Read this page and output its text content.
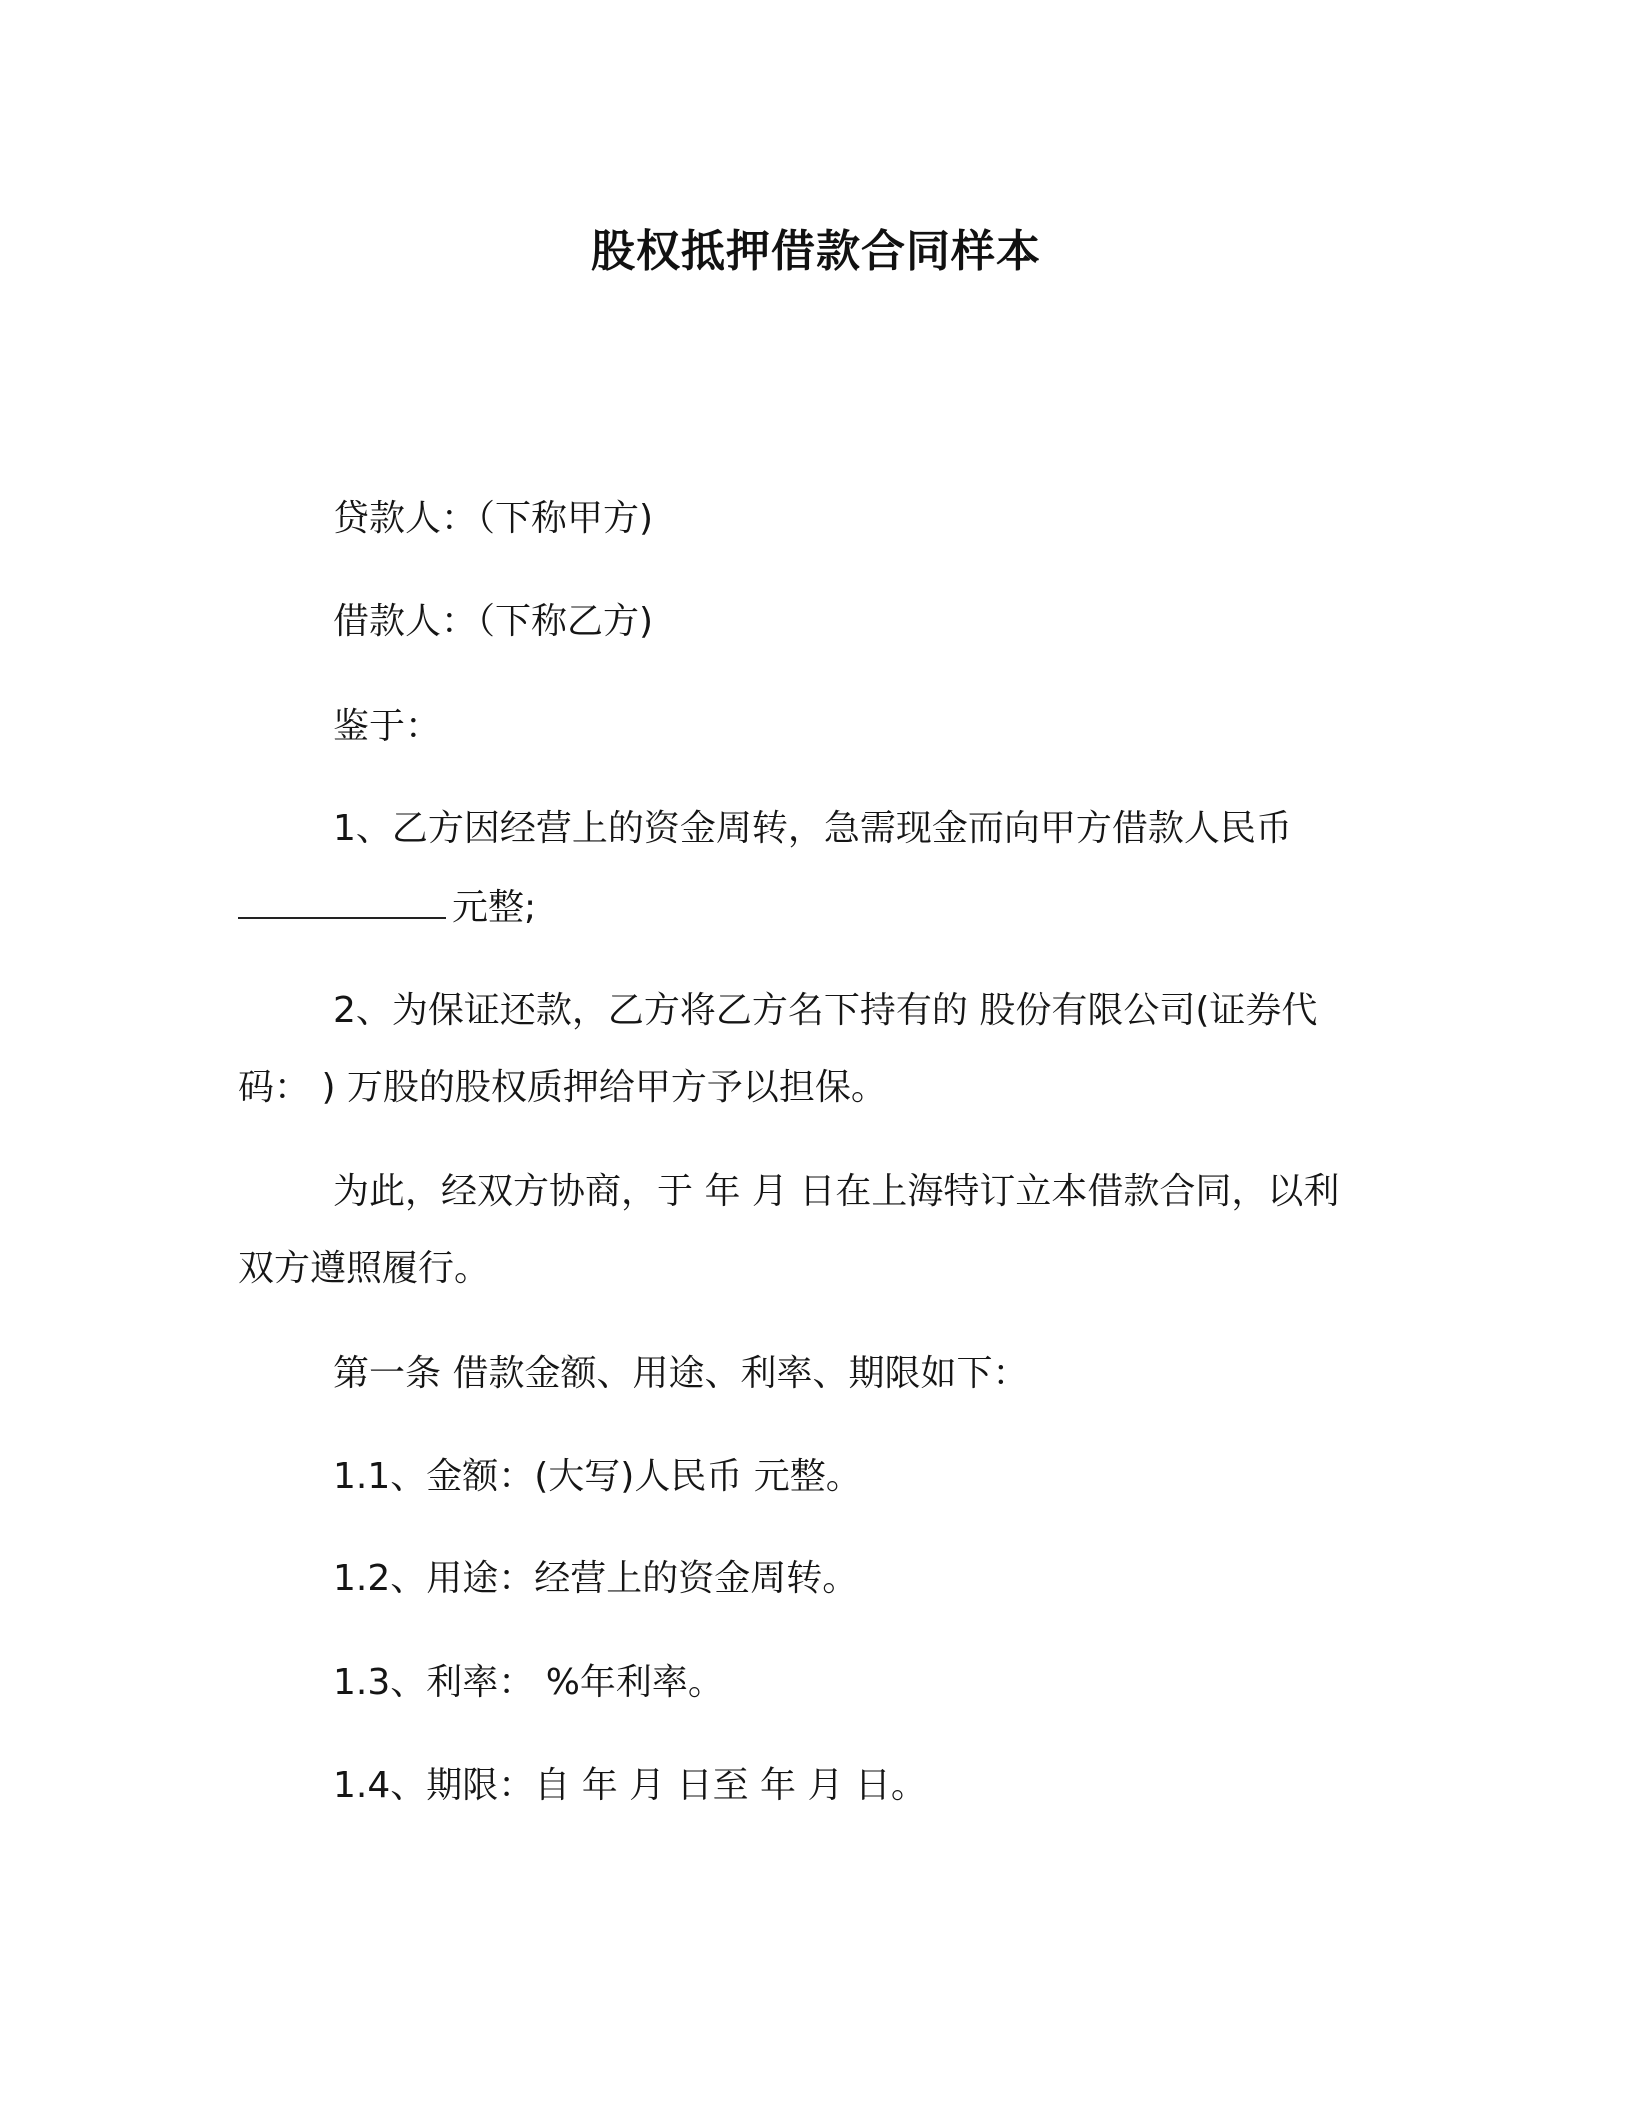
股权抵押借款合同样本
贷款人：（下称甲方)
借款人：（下称乙方)
鉴于：
1、乙方因经营上的资金周转，急需现金而向甲方借款人民币
元整;
2、为保证还款，乙方将乙方名下持有的 股份有限公司(证券代
码： ) 万股的股权质押给甲方予以担保。
为此，经双方协商，于 年 月 日在上海特订立本借款合同，以利
双方遵照履行。
第一条 借款金额、用途、利率、期限如下：
1.1、金额：(大写)人民币 元整。
1.2、用途：经营上的资金周转。
1.3、利率： %年利率。
1.4、期限：自 年 月 日至 年 月 日。
